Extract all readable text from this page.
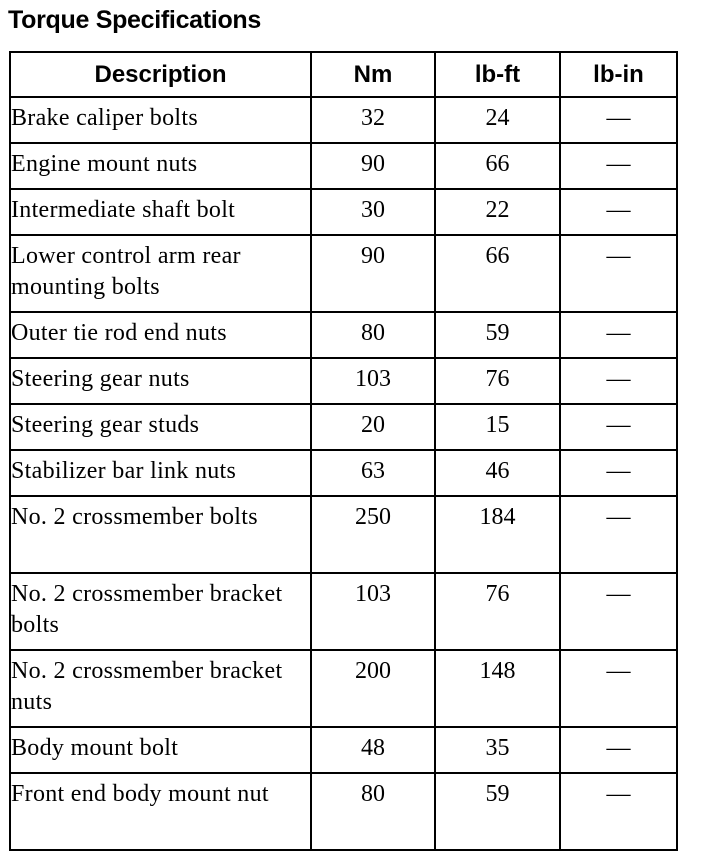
Torque Specifications
Description	Nm	lb-ft	lb-in
Brake caliper bolts	32	24	—
Engine mount nuts	90	66	—
Intermediate shaft bolt	30	22	—
Lower control arm rear mounting bolts	90	66	—
Outer tie rod end nuts	80	59	—
Steering gear nuts	103	76	—
Steering gear studs	20	15	—
Stabilizer bar link nuts	63	46	—
No. 2 crossmember bolts	250	184	—
No. 2 crossmember bracket bolts	103	76	—
No. 2 crossmember bracket nuts	200	148	—
Body mount bolt	48	35	—
Front end body mount nut	80	59	—
